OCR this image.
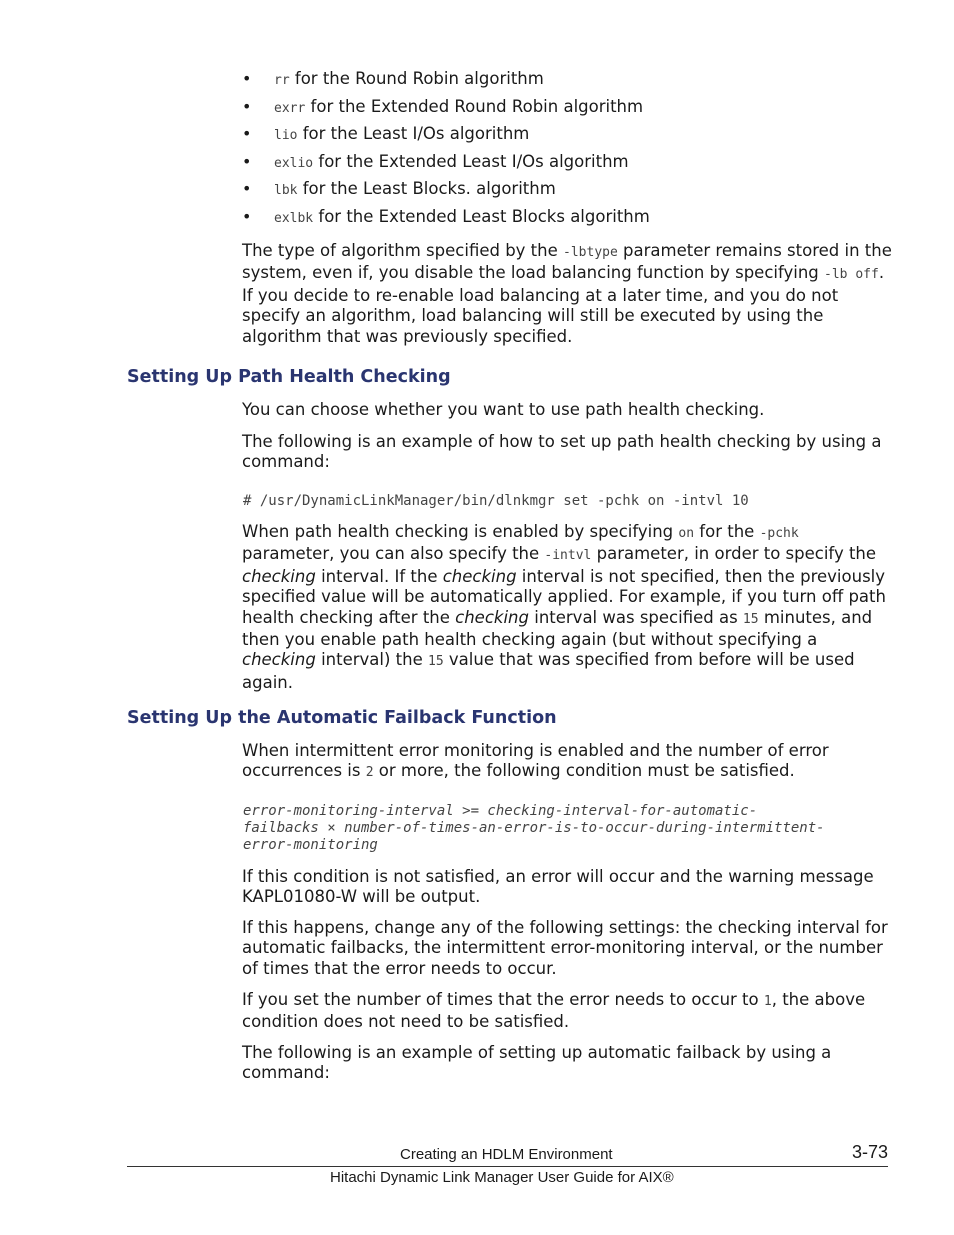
• rr for the Round Robin algorithm
• exrr for the Extended Round Robin algorithm
• lio for the Least I/Os algorithm
• exlio for the Extended Least I/Os algorithm
• lbk for the Least Blocks. algorithm
• exlbk for the Extended Least Blocks algorithm

The type of algorithm specified by the -lbtype parameter remains stored in the system, even if, you disable the load balancing function by specifying -lb off. If you decide to re-enable load balancing at a later time, and you do not specify an algorithm, load balancing will still be executed by using the algorithm that was previously specified.

Setting Up Path Health Checking

You can choose whether you want to use path health checking.

The following is an example of how to set up path health checking by using a command:

# /usr/DynamicLinkManager/bin/dlnkmgr set -pchk on -intvl 10

When path health checking is enabled by specifying on for the -pchk parameter, you can also specify the -intvl parameter, in order to specify the checking interval. If the checking interval is not specified, then the previously specified value will be automatically applied. For example, if you turn off path health checking after the checking interval was specified as 15 minutes, and then you enable path health checking again (but without specifying a checking interval) the 15 value that was specified from before will be used again.

Setting Up the Automatic Failback Function

When intermittent error monitoring is enabled and the number of error occurrences is 2 or more, the following condition must be satisfied.

error-monitoring-interval >= checking-interval-for-automatic-
failbacks × number-of-times-an-error-is-to-occur-during-intermittent-
error-monitoring

If this condition is not satisfied, an error will occur and the warning message KAPL01080-W will be output.

If this happens, change any of the following settings: the checking interval for automatic failbacks, the intermittent error-monitoring interval, or the number of times that the error needs to occur.

If you set the number of times that the error needs to occur to 1, the above condition does not need to be satisfied.

The following is an example of setting up automatic failback by using a command:

Creating an HDLM Environment	3-73
Hitachi Dynamic Link Manager User Guide for AIX®
